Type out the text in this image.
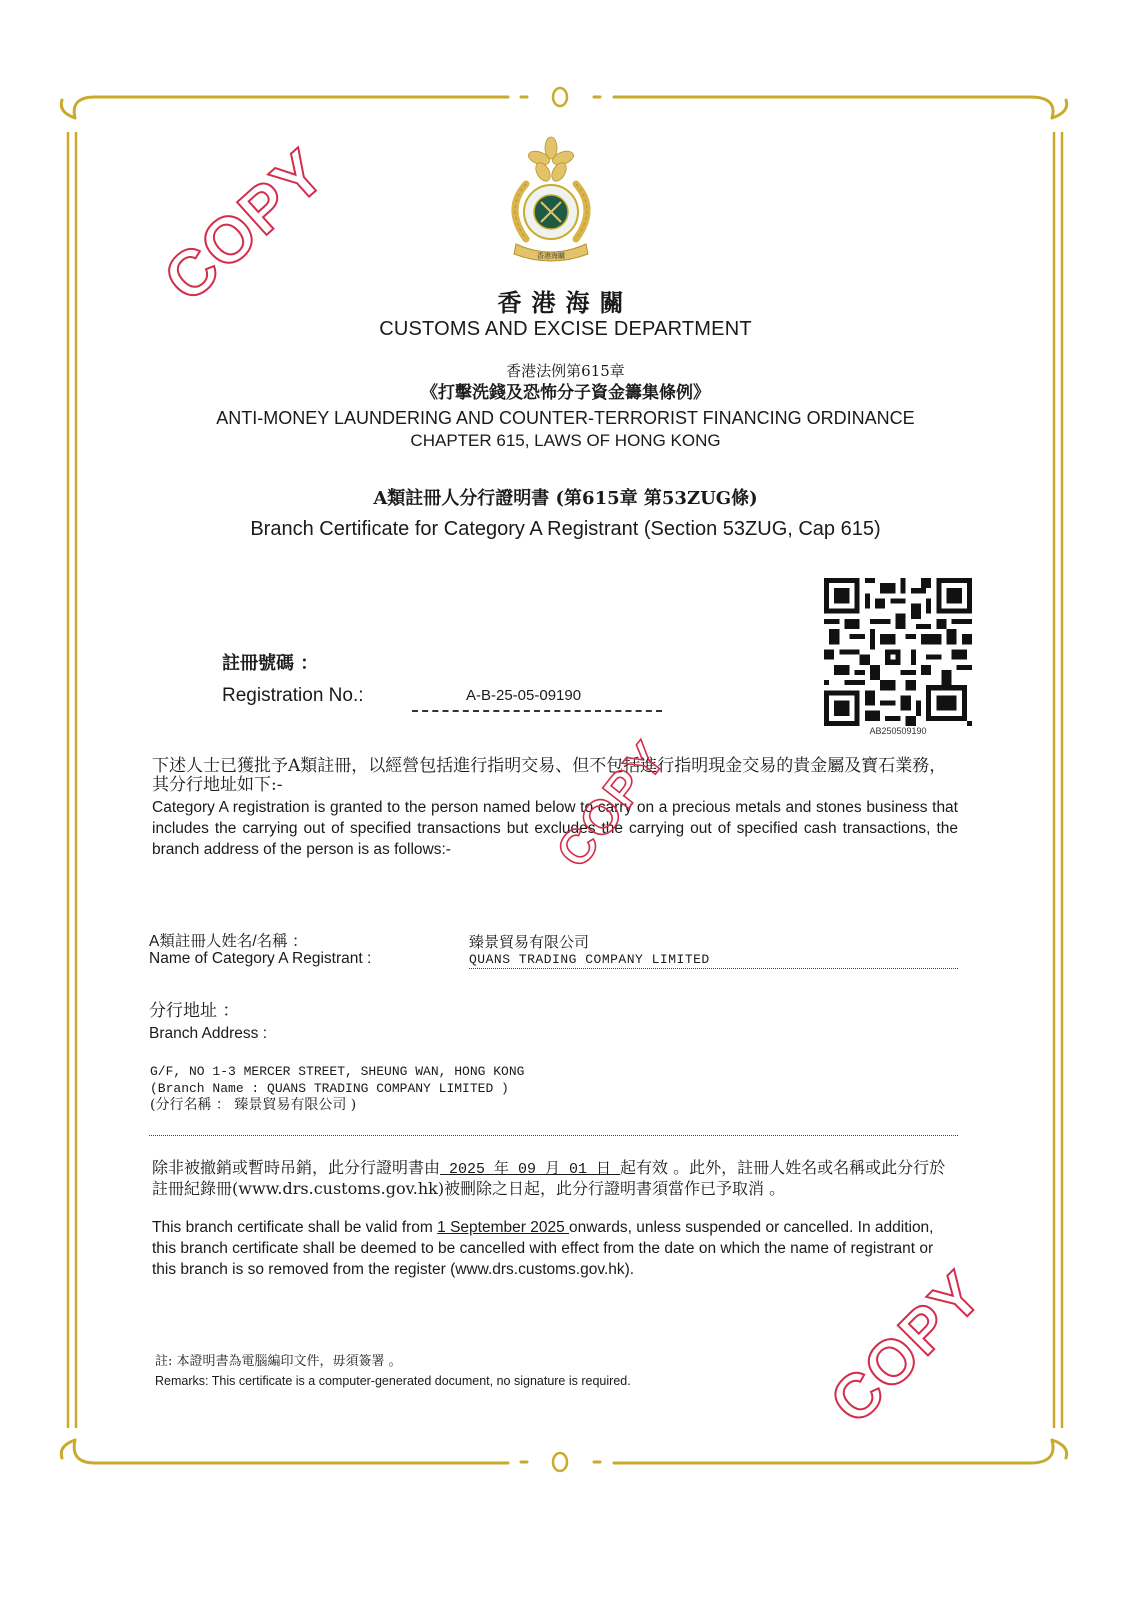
香港海關
香港海關
CUSTOMS AND EXCISE DEPARTMENT
香港法例第615章
《打擊洗錢及恐怖分子資金籌集條例》
ANTI-MONEY LAUNDERING AND COUNTER-TERRORIST FINANCING ORDINANCE
CHAPTER 615, LAWS OF HONG KONG
A類註冊人分行證明書 (第615章 第53ZUG條)
Branch Certificate for Category A Registrant (Section 53ZUG, Cap 615)
註冊號碼 ：
Registration No.:	A-B-25-05-09190
AB250509190
下述人士已獲批予A類註冊，以經營包括進行指明交易、但不包括進行指明現金交易的貴金屬及寶石業務，其分行地址如下:-
Category A registration is granted to the person named below to carry on a precious metals and stones business that includes the carrying out of specified transactions but excludes the carrying out of specified cash transactions, the branch address of the person is as follows:-
A類註冊人姓名/名稱 ：
Name of Category A Registrant :
臻景貿易有限公司
QUANS TRADING COMPANY LIMITED
分行地址 ：
Branch Address :
G/F, NO 1-3 MERCER STREET, SHEUNG WAN, HONG KONG
(Branch Name : QUANS TRADING COMPANY LIMITED )
(分行名稱 ： 臻景貿易有限公司 )
除非被撤銷或暫時吊銷，此分行證明書由 2025 年 09 月 01 日 起有效 。此外，註冊人姓名或名稱或此分行於註冊紀錄冊(www.drs.customs.gov.hk)被刪除之日起，此分行證明書須當作已予取消 。
This branch certificate shall be valid from 1 September 2025 onwards, unless suspended or cancelled. In addition, this branch certificate shall be deemed to be cancelled with effect from the date on which the name of registrant or this branch is so removed from the register (www.drs.customs.gov.hk).
註: 本證明書為電腦編印文件，毋須簽署 。
Remarks: This certificate is a computer-generated document, no signature is required.
COPY
COPY
COPY
